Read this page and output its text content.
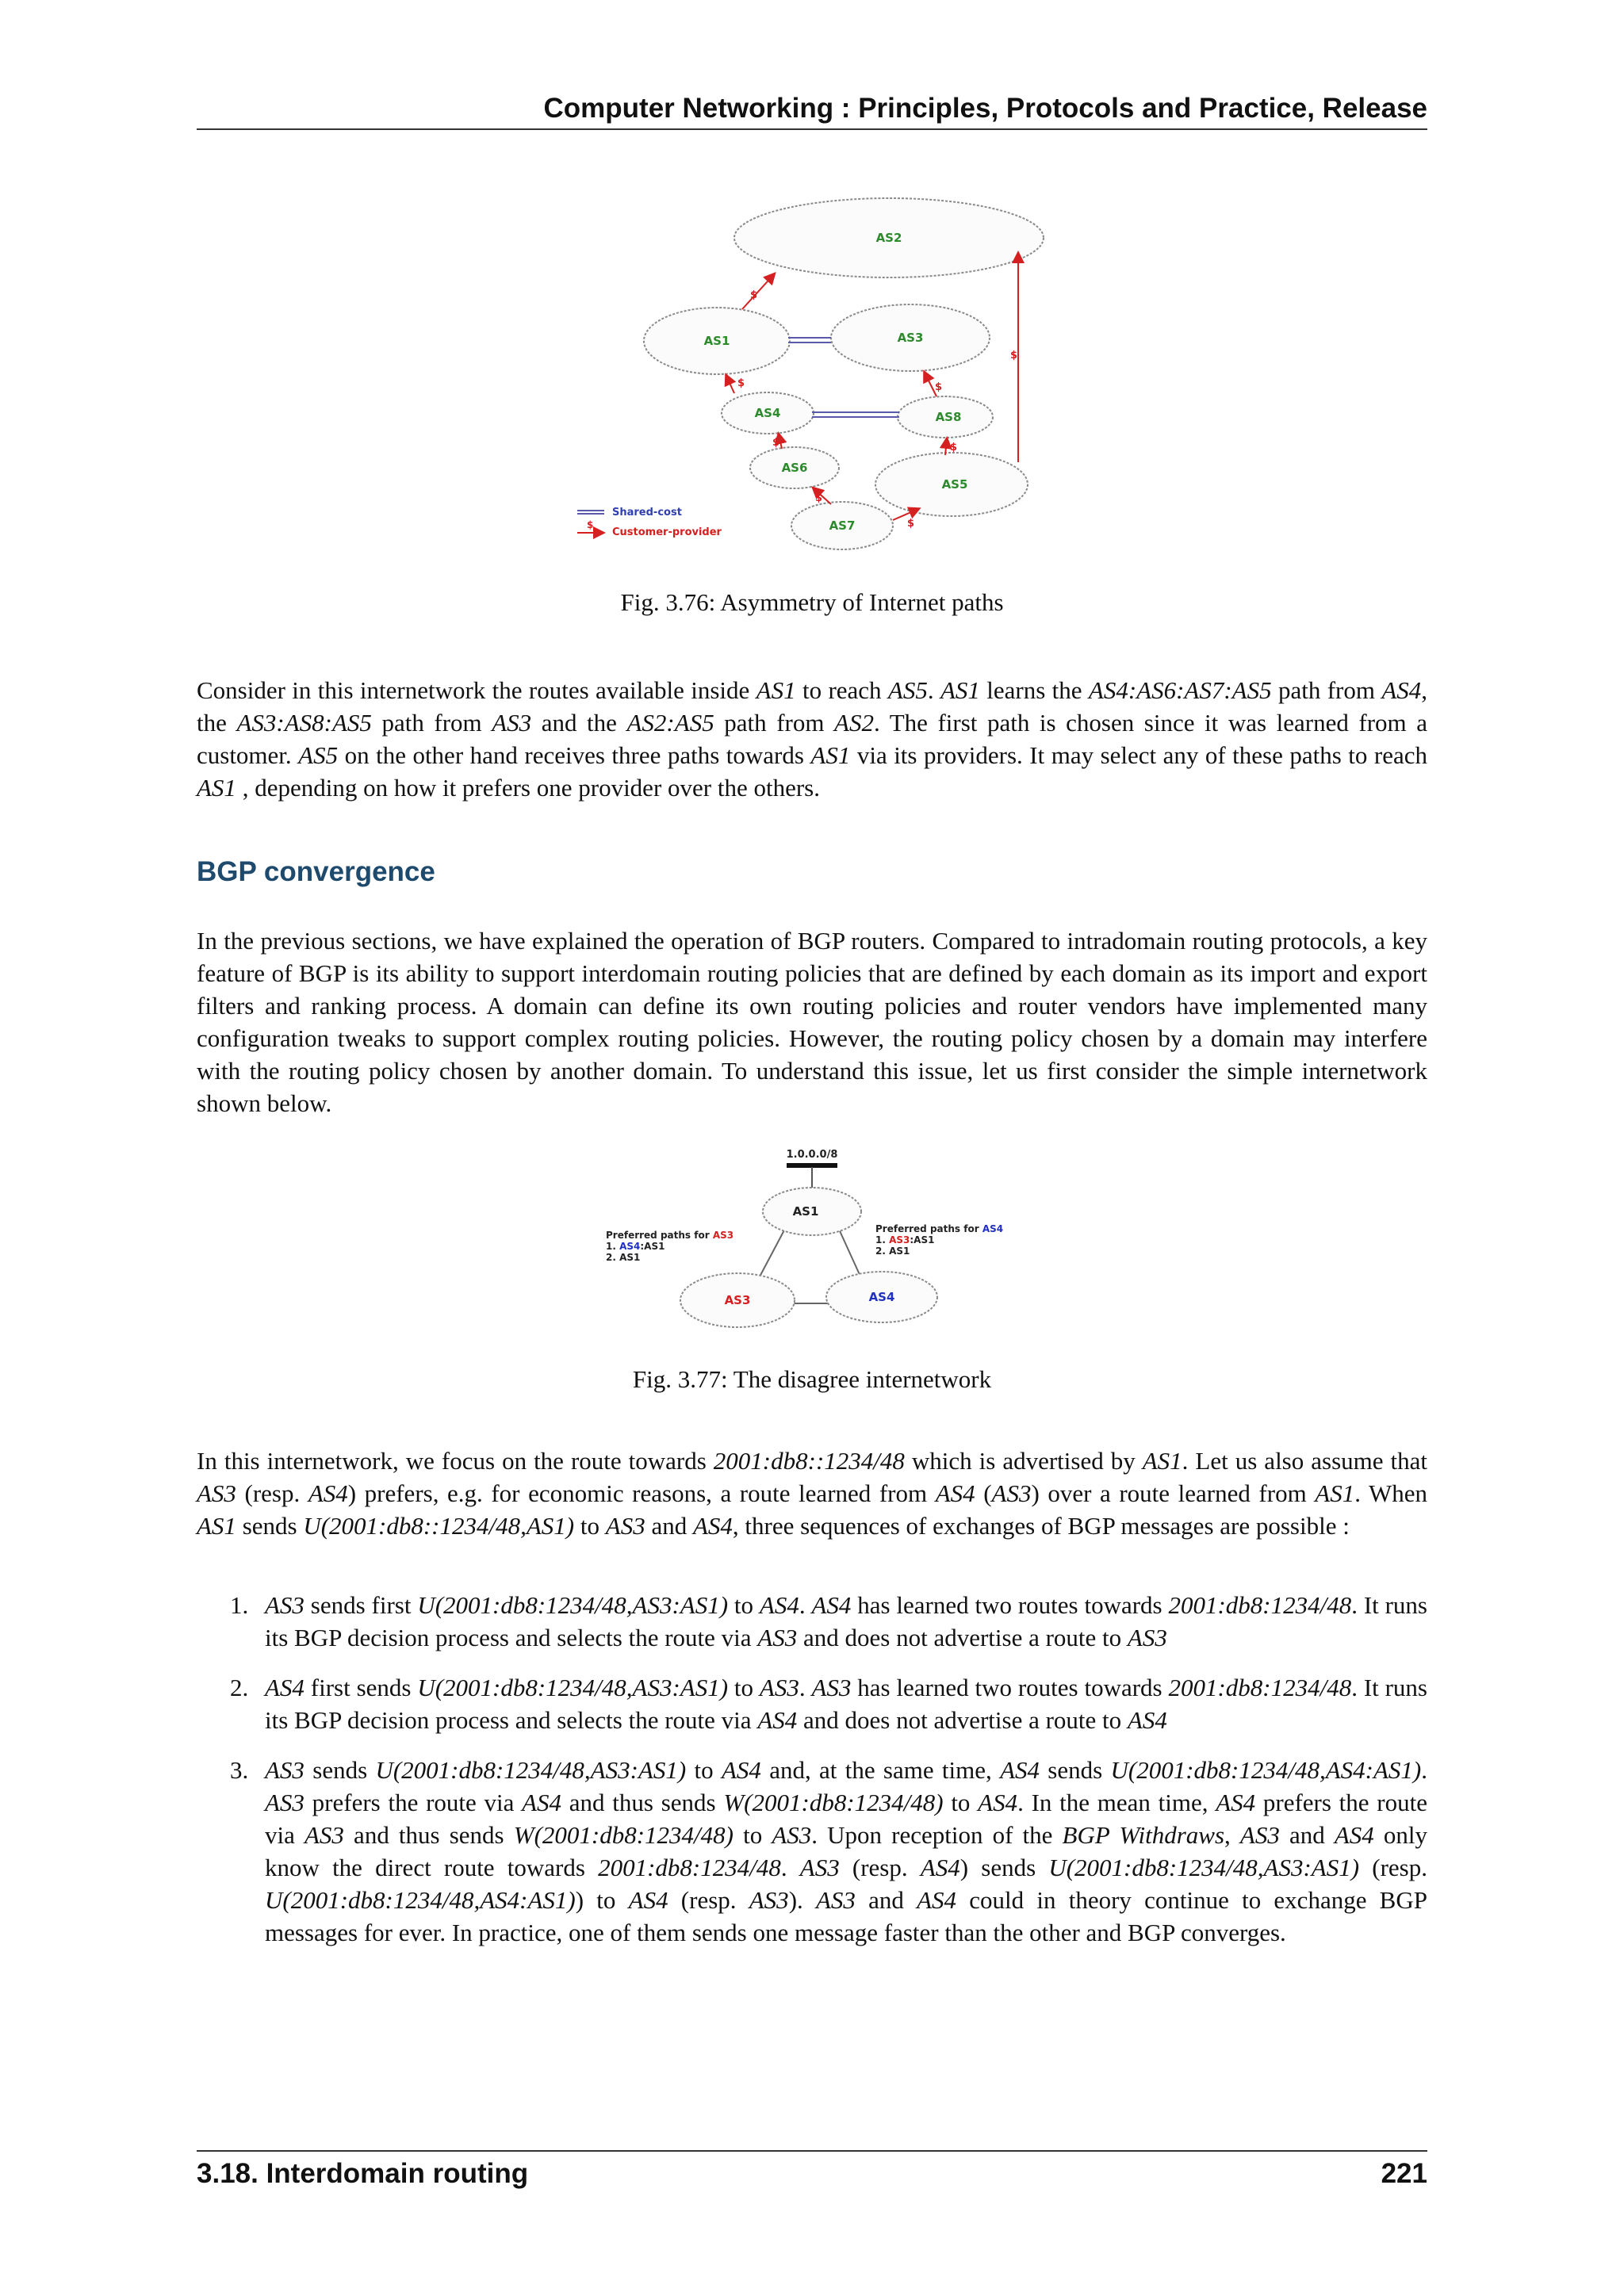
Computer Networking : Principles, Protocols and Practice, Release
AS2
AS1	AS3
AS4	AS8
AS6
AS5
AS7
$
$	$
$	$
$
$
$
Shared-cost
$
Customer-provider
Fig. 3.76: Asymmetry of Internet paths

Consider in this internetwork the routes available inside AS1 to reach AS5. AS1 learns the AS4:AS6:AS7:AS5 path from AS4, the AS3:AS8:AS5 path from AS3 and the AS2:AS5 path from AS2. The first path is chosen since it was learned from a customer. AS5 on the other hand receives three paths towards AS1 via its providers. It may select any of these paths to reach AS1 , depending on how it prefers one provider over the others.

BGP convergence

In the previous sections, we have explained the operation of BGP routers. Compared to intradomain routing protocols, a key feature of BGP is its ability to support interdomain routing policies that are defined by each domain as its import and export filters and ranking process. A domain can define its own routing policies and router vendors have implemented many configuration tweaks to support complex routing policies. However, the routing policy chosen by a domain may interfere with the routing policy chosen by another domain. To understand this issue, let us first consider the simple internetwork shown below.

1.0.0.0/8
AS1
AS3	AS4
Preferred paths for AS3
1. AS4:AS1
2. AS1
Preferred paths for AS4
1. AS3:AS1
2. AS1
Fig. 3.77: The disagree internetwork

In this internetwork, we focus on the route towards 2001:db8::1234/48 which is advertised by AS1. Let us also assume that AS3 (resp. AS4) prefers, e.g. for economic reasons, a route learned from AS4 (AS3) over a route learned from AS1. When AS1 sends U(2001:db8::1234/48,AS1) to AS3 and AS4, three sequences of exchanges of BGP messages are possible :

1. AS3 sends first U(2001:db8:1234/48,AS3:AS1) to AS4. AS4 has learned two routes towards 2001:db8:1234/48. It runs its BGP decision process and selects the route via AS3 and does not advertise a route to AS3
2. AS4 first sends U(2001:db8:1234/48,AS3:AS1) to AS3. AS3 has learned two routes towards 2001:db8:1234/48. It runs its BGP decision process and selects the route via AS4 and does not advertise a route to AS4
3. AS3 sends U(2001:db8:1234/48,AS3:AS1) to AS4 and, at the same time, AS4 sends U(2001:db8:1234/48,AS4:AS1). AS3 prefers the route via AS4 and thus sends W(2001:db8:1234/48) to AS4. In the mean time, AS4 prefers the route via AS3 and thus sends W(2001:db8:1234/48) to AS3. Upon reception of the BGP Withdraws, AS3 and AS4 only know the direct route towards 2001:db8:1234/48. AS3 (resp. AS4) sends U(2001:db8:1234/48,AS3:AS1) (resp. U(2001:db8:1234/48,AS4:AS1)) to AS4 (resp. AS3). AS3 and AS4 could in theory continue to exchange BGP messages for ever. In practice, one of them sends one message faster than the other and BGP converges.
3.18. Interdomain routing	221
